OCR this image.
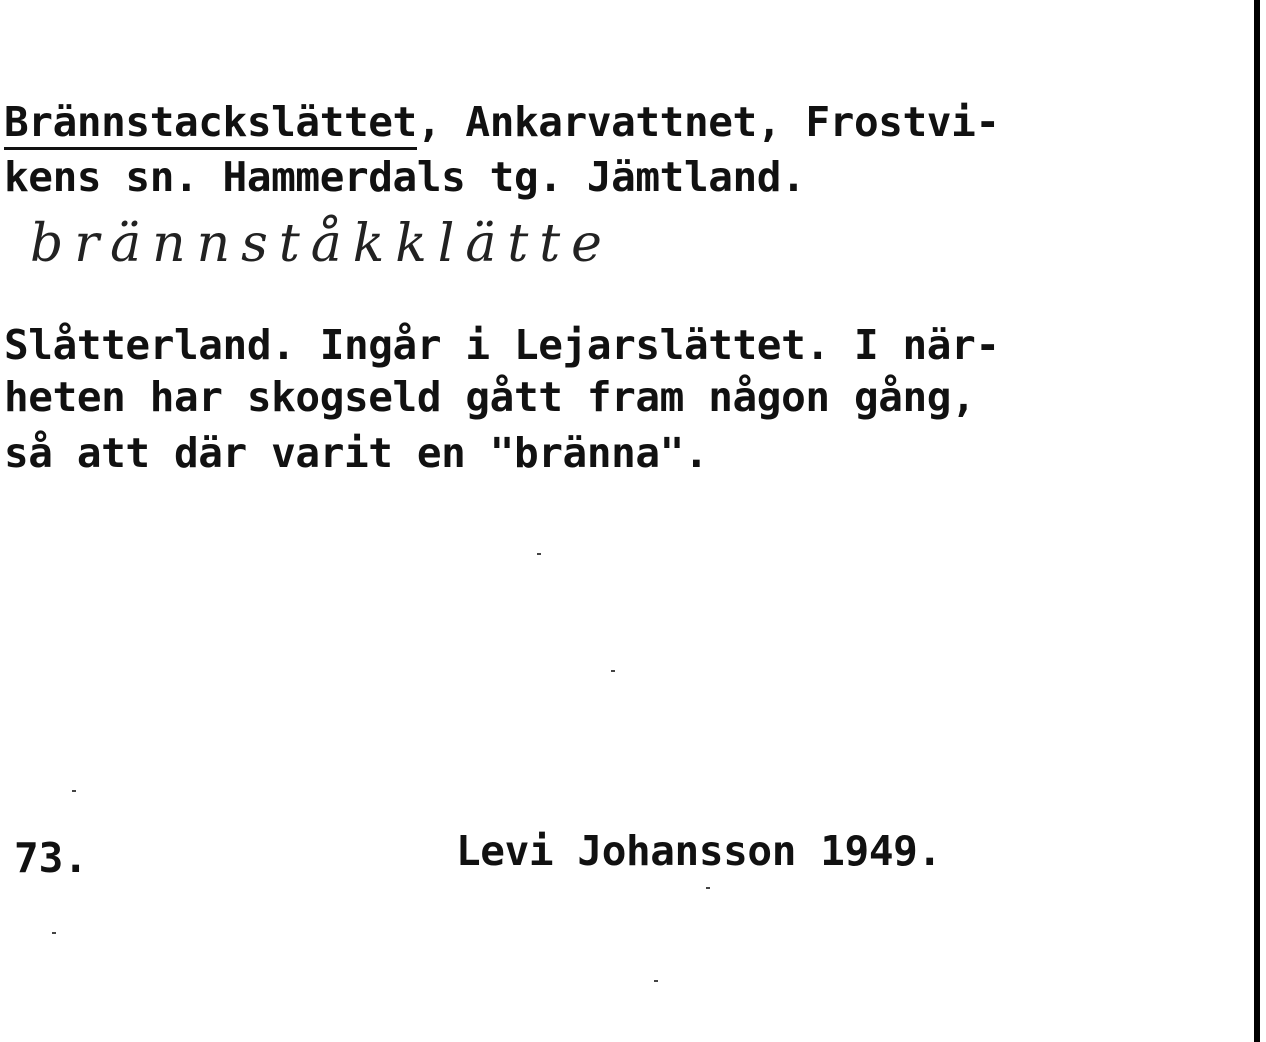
Brännstackslättet, Ankarvattnet, Frostvi-
kens sn. Hammerdals tg. Jämtland.
brännståkklätte
Slåtterland. Ingår i Lejarslättet. I när-
heten har skogseld gått fram någon gång,
så att där varit en "bränna".
73.	Levi Johansson 1949.
